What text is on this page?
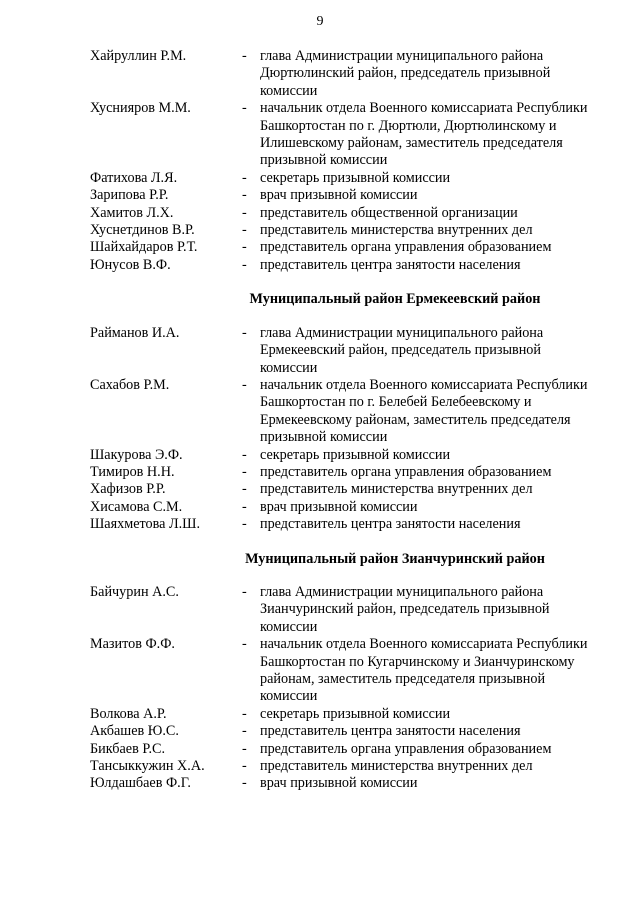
9
Хайруллин Р.М.	- глава Администрации муниципального района Дюртюлинский район, председатель призывной комиссии
Хуснияров М.М.	- начальник отдела Военного комиссариата Республики Башкортостан по г. Дюртюли, Дюртюлинскому и Илишевскому районам, заместитель председателя призывной комиссии
Фатихова Л.Я.	- секретарь призывной комиссии
Зарипова Р.Р.	- врач призывной комиссии
Хамитов Л.Х.	- представитель общественной организации
Хуснетдинов В.Р.	- представитель министерства внутренних дел
Шайхайдаров Р.Т.	- представитель органа управления образованием
Юнусов В.Ф.	- представитель центра занятости населения
Муниципальный район Ермекеевский район
Райманов И.А.	- глава Администрации муниципального района Ермекеевский район, председатель призывной комиссии
Сахабов Р.М.	- начальник отдела Военного комиссариата Республики Башкортостан по г. Белебей Белебеевскому и Ермекеевскому районам, заместитель председателя призывной комиссии
Шакурова Э.Ф.	- секретарь призывной комиссии
Тимиров Н.Н.	- представитель органа управления образованием
Хафизов Р.Р.	- представитель министерства внутренних дел
Хисамова С.М.	- врач призывной комиссии
Шаяхметова Л.Ш.	- представитель центра занятости населения
Муниципальный район Зианчуринский район
Байчурин А.С.	- глава Администрации муниципального района Зианчуринский район, председатель призывной комиссии
Мазитов Ф.Ф.	- начальник отдела Военного комиссариата Республики Башкортостан по Кугарчинскому и Зианчуринскому районам, заместитель председателя призывной комиссии
Волкова А.Р.	- секретарь призывной комиссии
Акбашев Ю.С.	- представитель центра занятости населения
Бикбаев Р.С.	- представитель органа управления образованием
Тансыккужин Х.А.	- представитель министерства внутренних дел
Юлдашбаев Ф.Г.	- врач призывной комиссии
